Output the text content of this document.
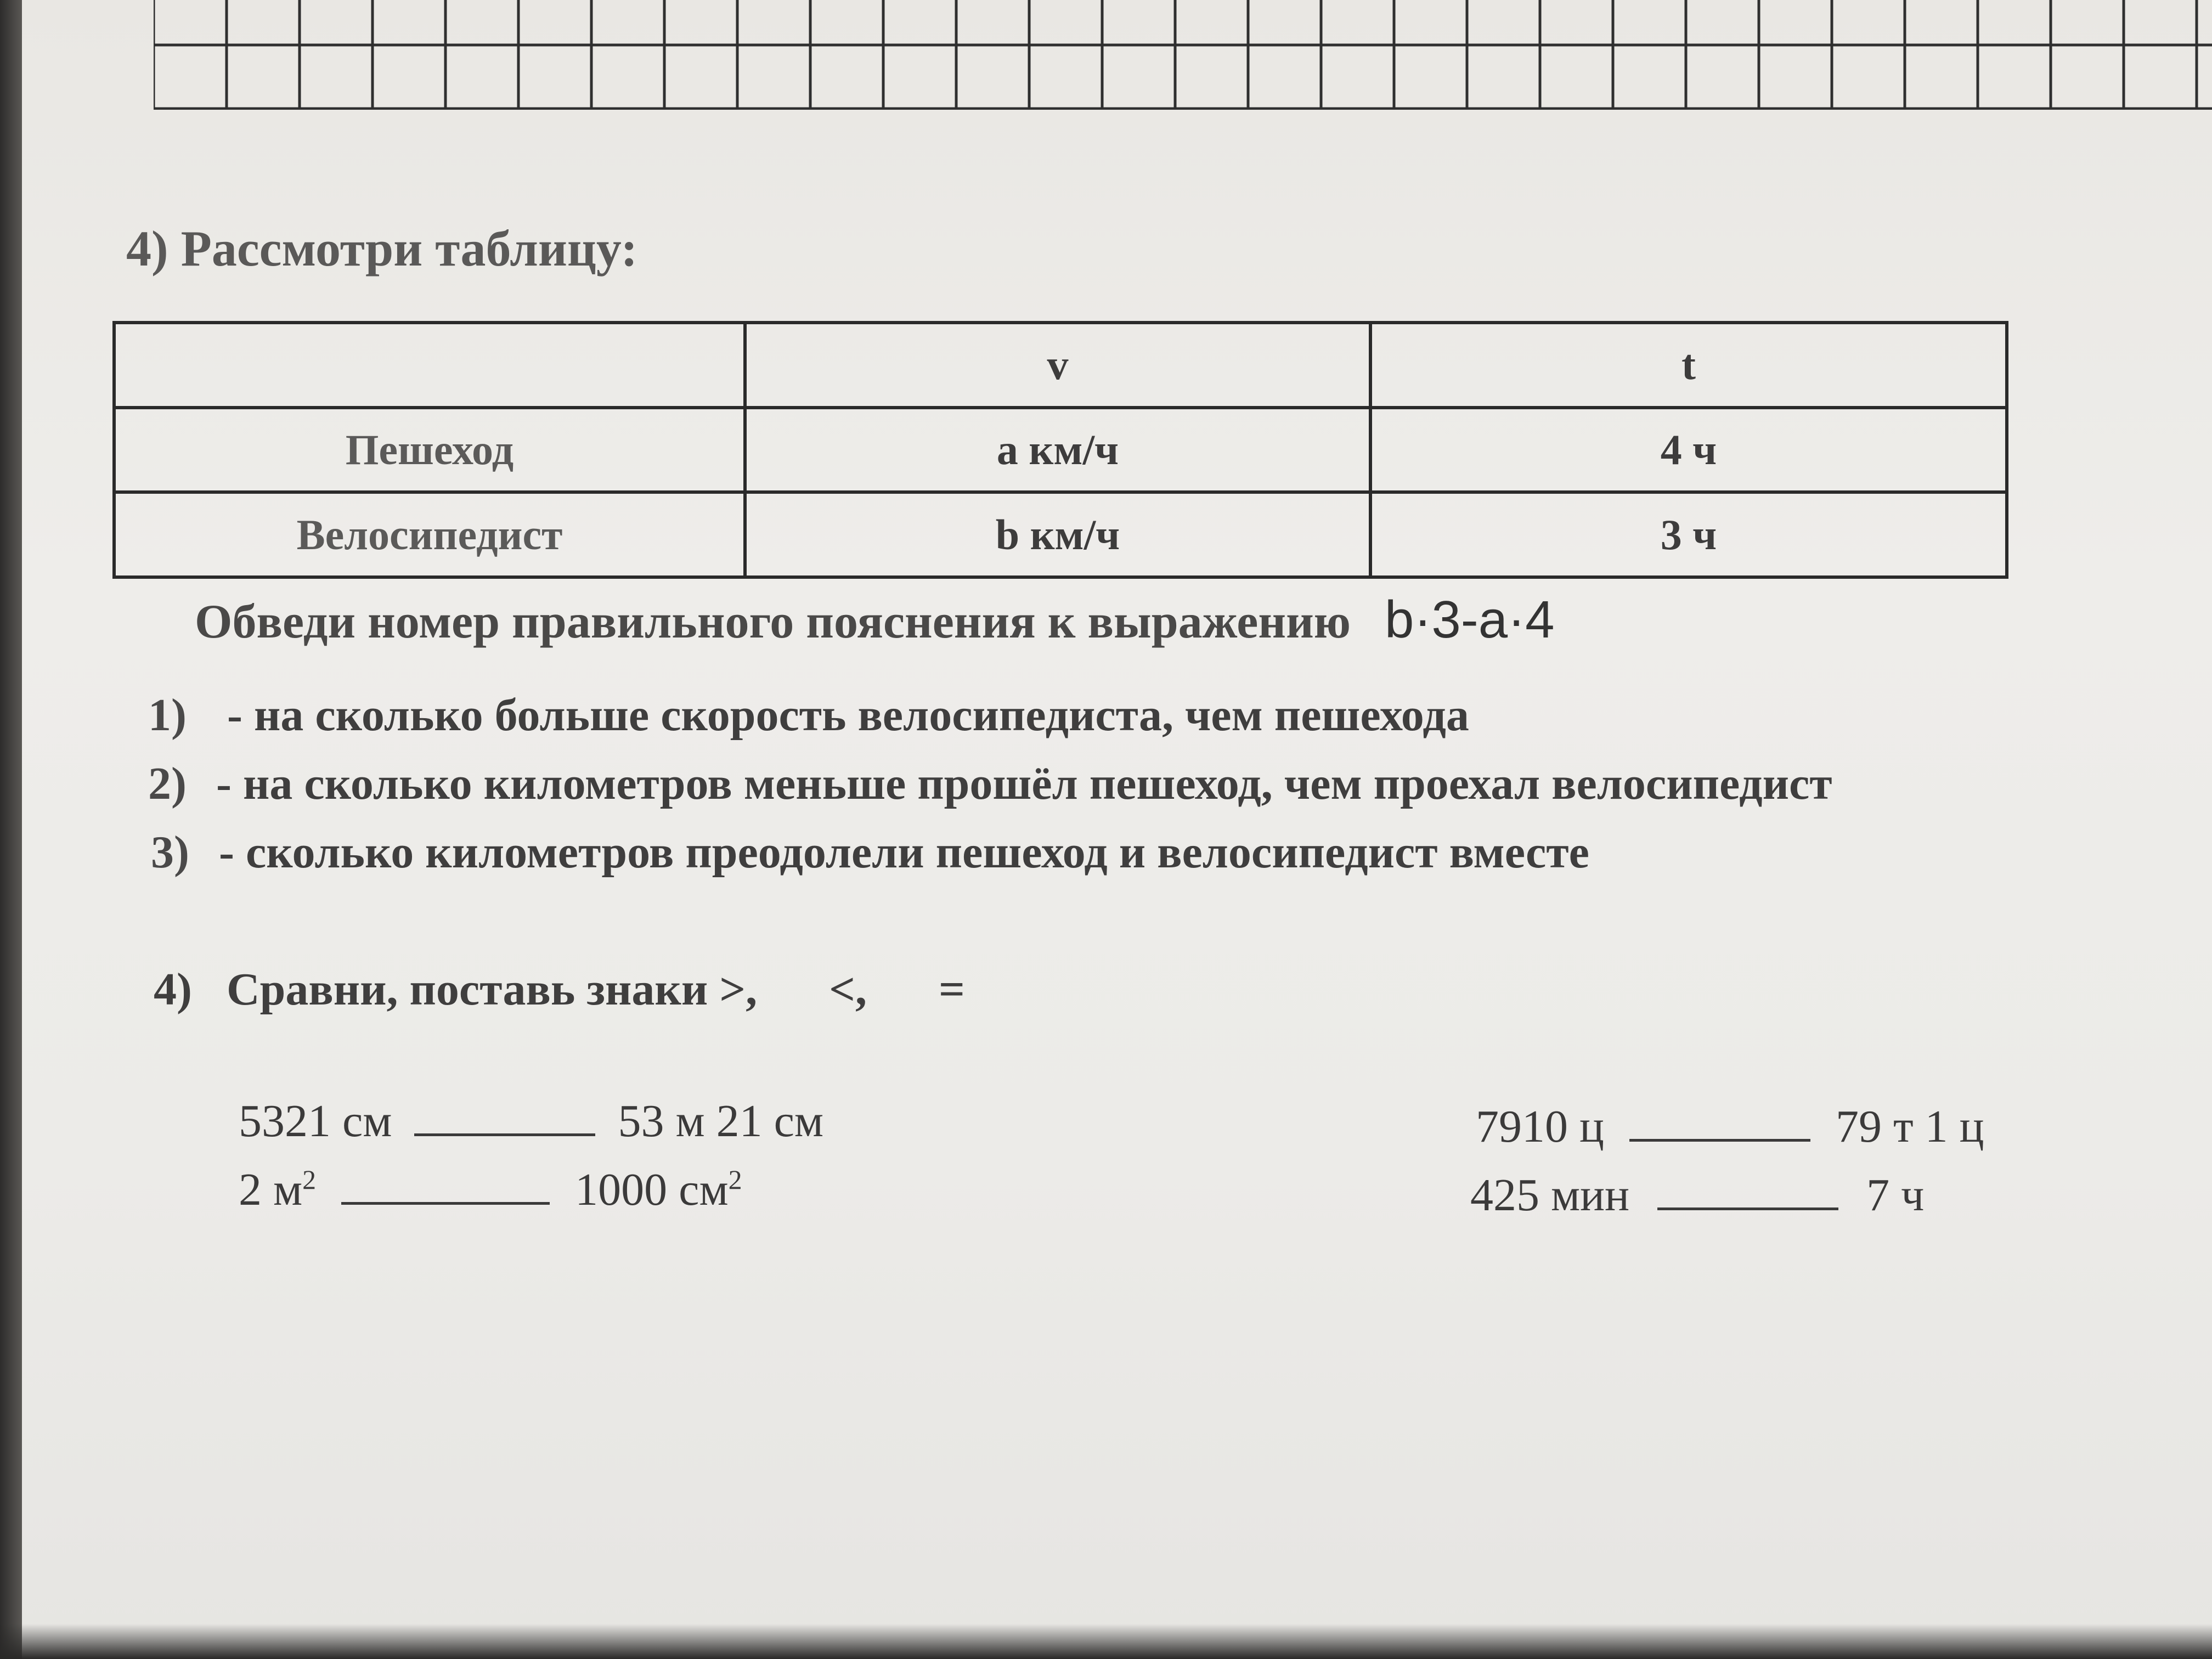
4) Рассмотри таблицу:
	v	t
Пешеход	a км/ч	4 ч
Велосипедист	b км/ч	3 ч
Обведи номер правильного пояснения к выражению b·3-a·4
1) - на сколько больше скорость велосипедиста, чем пешехода
2) - на сколько километров меньше прошёл пешеход, чем проехал велосипедист
3) - сколько километров преодолели пешеход и велосипедист вместе
4)   Сравни, поставь знаки >, <, =
5321 см	53 м 21 см
2 $м^2$	1000 $см^2$
7910 ц	79 т 1 ц
425 мин	7 ч
